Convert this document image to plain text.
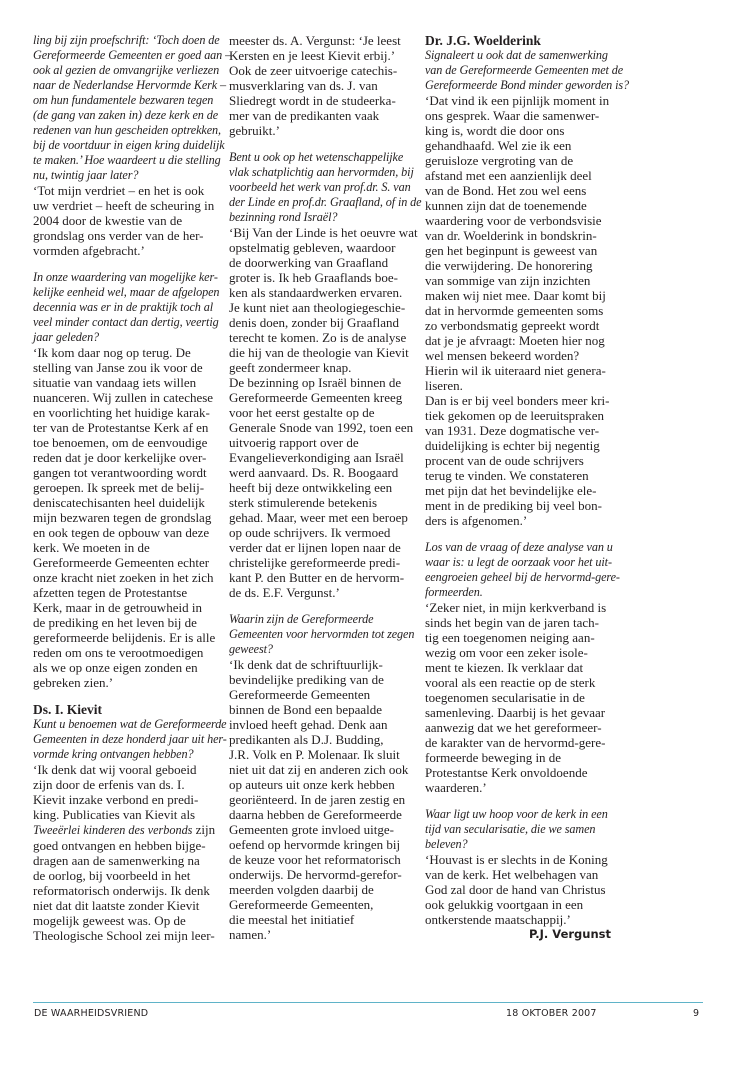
ling bij zijn proefschrift: ‘Toch doen de
Gereformeerde Gemeenten er goed aan –
ook al gezien de omvangrijke verliezen
naar de Nederlandse Hervormde Kerk –
om hun fundamentele bezwaren tegen
(de gang van zaken in) deze kerk en de
redenen van hun gescheiden optrekken,
bij de voortduur in eigen kring duidelijk
te maken.’ Hoe waardeert u die stelling
nu, twintig jaar later?
‘Tot mijn verdriet – en het is ook
uw verdriet – heeft de scheuring in
2004 door de kwestie van de
grondslag ons verder van de her-
vormden afgebracht.’
In onze waardering van mogelijke ker-
kelijke eenheid wel, maar de afgelopen
decennia was er in de praktijk toch al
veel minder contact dan dertig, veertig
jaar geleden?
‘Ik kom daar nog op terug. De
stelling van Janse zou ik voor de
situatie van vandaag iets willen
nuanceren. Wij zullen in catechese
en voorlichting het huidige karak-
ter van de Protestantse Kerk af en
toe benoemen, om de eenvoudige
reden dat je door kerkelijke over-
gangen tot verantwoording wordt
geroepen. Ik spreek met de belij-
deniscatechisanten heel duidelijk
mijn bezwaren tegen de grondslag
en ook tegen de opbouw van deze
kerk. We moeten in de
Gereformeerde Gemeenten echter
onze kracht niet zoeken in het zich
afzetten tegen de Protestantse
Kerk, maar in de getrouwheid in
de prediking en het leven bij de
gereformeerde belijdenis. Er is alle
reden om ons te verootmoedigen
als we op onze eigen zonden en
gebreken zien.’
Ds. I. Kievit
Kunt u benoemen wat de Gereformeerde
Gemeenten in deze honderd jaar uit her-
vormde kring ontvangen hebben?
‘Ik denk dat wij vooral geboeid
zijn door de erfenis van ds. I.
Kievit inzake verbond en predi-
king. Publicaties van Kievit als
Tweeërlei kinderen des verbonds zijn
goed ontvangen en hebben bijge-
dragen aan de samenwerking na
de oorlog, bij voorbeeld in het
reformatorisch onderwijs. Ik denk
niet dat dit laatste zonder Kievit
mogelijk geweest was. Op de
Theologische School zei mijn leer-
meester ds. A. Vergunst: ‘Je leest
Kersten en je leest Kievit erbij.’
Ook de zeer uitvoerige catechis-
musverklaring van ds. J. van
Sliedregt wordt in de studeerka-
mer van de predikanten vaak
gebruikt.’
Bent u ook op het wetenschappelijke
vlak schatplichtig aan hervormden, bij
voorbeeld het werk van prof.dr. S. van
der Linde en prof.dr. Graafland, of in de
bezinning rond Israël?
‘Bij Van der Linde is het oeuvre wat
opstelmatig gebleven, waardoor
de doorwerking van Graafland
groter is. Ik heb Graaflands boe-
ken als standaardwerken ervaren.
Je kunt niet aan theologiegeschie-
denis doen, zonder bij Graafland
terecht te komen. Zo is de analyse
die hij van de theologie van Kievit
geeft zondermeer knap.
De bezinning op Israël binnen de
Gereformeerde Gemeenten kreeg
voor het eerst gestalte op de
Generale Snode van 1992, toen een
uitvoerig rapport over de
Evangelieverkondiging aan Israël
werd aanvaard. Ds. R. Boogaard
heeft bij deze ontwikkeling een
sterk stimulerende betekenis
gehad. Maar, weer met een beroep
op oude schrijvers. Ik vermoed
verder dat er lijnen lopen naar de
christelijke gereformeerde predi-
kant P. den Butter en de hervorm-
de ds. E.F. Vergunst.’
Waarin zijn de Gereformeerde
Gemeenten voor hervormden tot zegen
geweest?
‘Ik denk dat de schriftuurlijk-
bevindelijke prediking van de
Gereformeerde Gemeenten
binnen de Bond een bepaalde
invloed heeft gehad. Denk aan
predikanten als D.J. Budding,
J.R. Volk en P. Molenaar. Ik sluit
niet uit dat zij en anderen zich ook
op auteurs uit onze kerk hebben
georiënteerd. In de jaren zestig en
daarna hebben de Gereformeerde
Gemeenten grote invloed uitge-
oefend op hervormde kringen bij
de keuze voor het reformatorisch
onderwijs. De hervormd-gerefor-
meerden volgden daarbij de
Gereformeerde Gemeenten,
die meestal het initiatief
namen.’
Dr. J.G. Woelderink
Signaleert u ook dat de samenwerking
van de Gereformeerde Gemeenten met de
Gereformeerde Bond minder geworden is?
‘Dat vind ik een pijnlijk moment in
ons gesprek. Waar die samenwer-
king is, wordt die door ons
gehandhaafd. Wel zie ik een
geruisloze vergroting van de
afstand met een aanzienlijk deel
van de Bond. Het zou wel eens
kunnen zijn dat de toenemende
waardering voor de verbondsvisie
van dr. Woelderink in bondskrin-
gen het beginpunt is geweest van
die verwijdering. De honorering
van sommige van zijn inzichten
maken wij niet mee. Daar komt bij
dat in hervormde gemeenten soms
zo verbondsmatig gepreekt wordt
dat je je afvraagt: Moeten hier nog
wel mensen bekeerd worden?
Hierin wil ik uiteraard niet genera-
liseren.
Dan is er bij veel bonders meer kri-
tiek gekomen op de leeruitspraken
van 1931. Deze dogmatische ver-
duidelijking is echter bij negentig
procent van de oude schrijvers
terug te vinden. We constateren
met pijn dat het bevindelijke ele-
ment in de prediking bij veel bon-
ders is afgenomen.’
Los van de vraag of deze analyse van u
waar is: u legt de oorzaak voor het uit-
eengroeien geheel bij de hervormd-gere-
formeerden.
‘Zeker niet, in mijn kerkverband is
sinds het begin van de jaren tach-
tig een toegenomen neiging aan-
wezig om voor een zeker isole-
ment te kiezen. Ik verklaar dat
vooral als een reactie op de sterk
toegenomen secularisatie in de
samenleving. Daarbij is het gevaar
aanwezig dat we het gereformeer-
de karakter van de hervormd-gere-
formeerde beweging in de
Protestantse Kerk onvoldoende
waarderen.’
Waar ligt uw hoop voor de kerk in een
tijd van secularisatie, die we samen
beleven?
‘Houvast is er slechts in de Koning
van de kerk. Het welbehagen van
God zal door de hand van Christus
ook gelukkig voortgaan in een
ontkerstende maatschappij.’
P.J. Vergunst
DE WAARHEIDSVRIEND	18 OKTOBER 2007	9
